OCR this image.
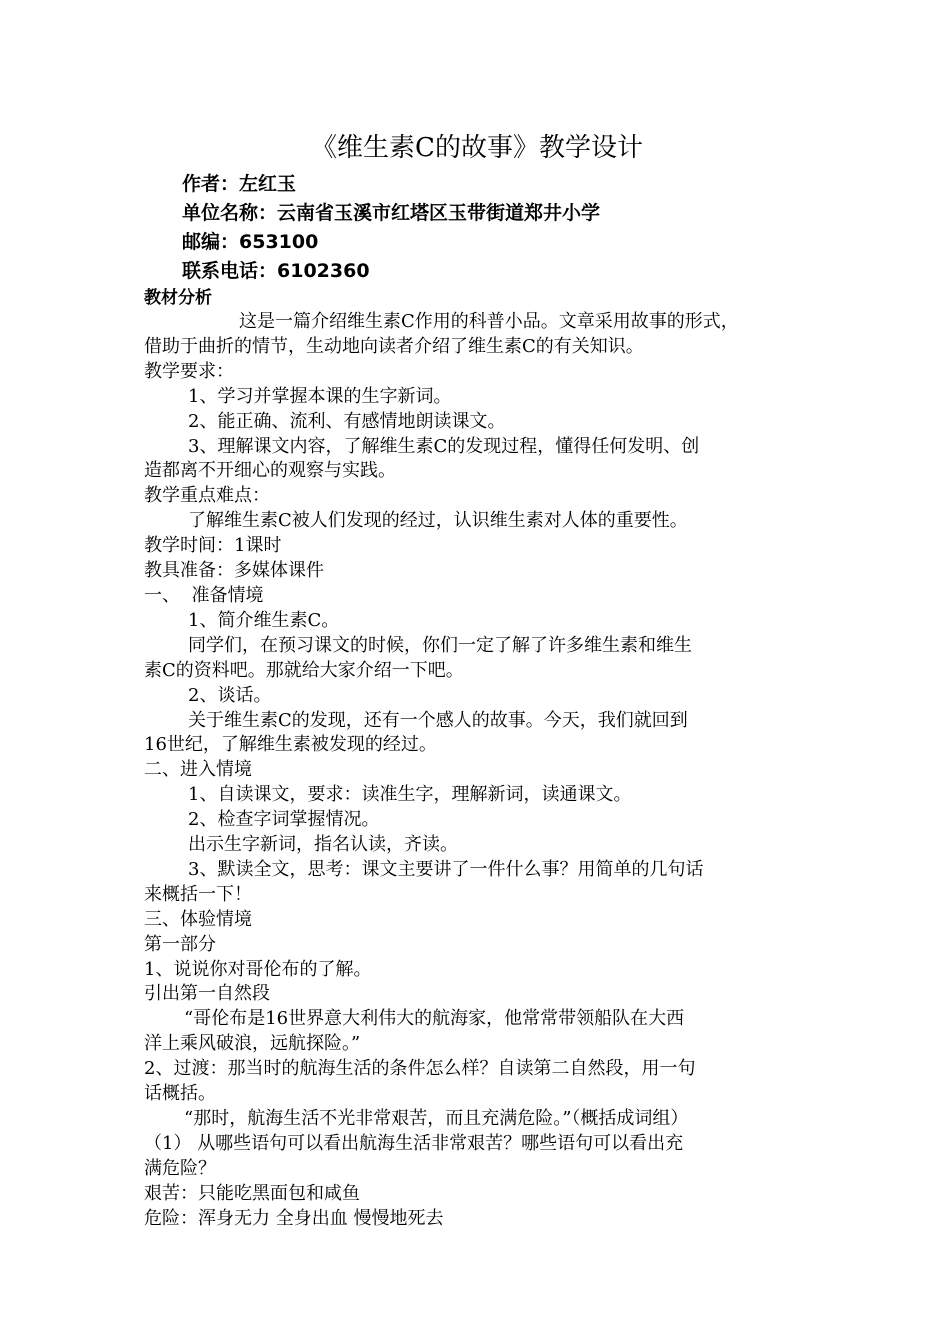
《维生素C的故事》教学设计
作者：左红玉
单位名称：云南省玉溪市红塔区玉带街道郑井小学
邮编：653100
联系电话：6102360
教材分析

这是一篇介绍维生素C作用的科普小品。文章采用故事的形式，

借助于曲折的情节，生动地向读者介绍了维生素C的有关知识。

教学要求：

1、学习并掌握本课的生字新词。

2、能正确、流利、有感情地朗读课文。

3、理解课文内容，了解维生素C的发现过程，懂得任何发明、创

造都离不开细心的观察与实践。

教学重点难点：

了解维生素C被人们发现的经过，认识维生素对人体的重要性。

教学时间：1课时

教具准备：多媒体课件

一、  准备情境

1、简介维生素C。

同学们，在预习课文的时候，你们一定了解了许多维生素和维生

素C的资料吧。那就给大家介绍一下吧。

2、谈话。

关于维生素C的发现，还有一个感人的故事。今天，我们就回到

16世纪，了解维生素被发现的经过。

二、进入情境

1、自读课文，要求：读准生字，理解新词，读通课文。

2、检查字词掌握情况。

出示生字新词，指名认读，齐读。

3、默读全文，思考：课文主要讲了一件什么事？用简单的几句话

来概括一下！

三、体验情境

第一部分

1、说说你对哥伦布的了解。

引出第一自然段

“哥伦布是16世界意大利伟大的航海家，他常常带领船队在大西

洋上乘风破浪，远航探险。”

2、过渡：那当时的航海生活的条件怎么样？自读第二自然段，用一句

话概括。

“那时，航海生活不光非常艰苦，而且充满危险。”（概括成词组）

（1） 从哪些语句可以看出航海生活非常艰苦？哪些语句可以看出充

满危险？

艰苦：只能吃黑面包和咸鱼

危险：浑身无力 全身出血 慢慢地死去
